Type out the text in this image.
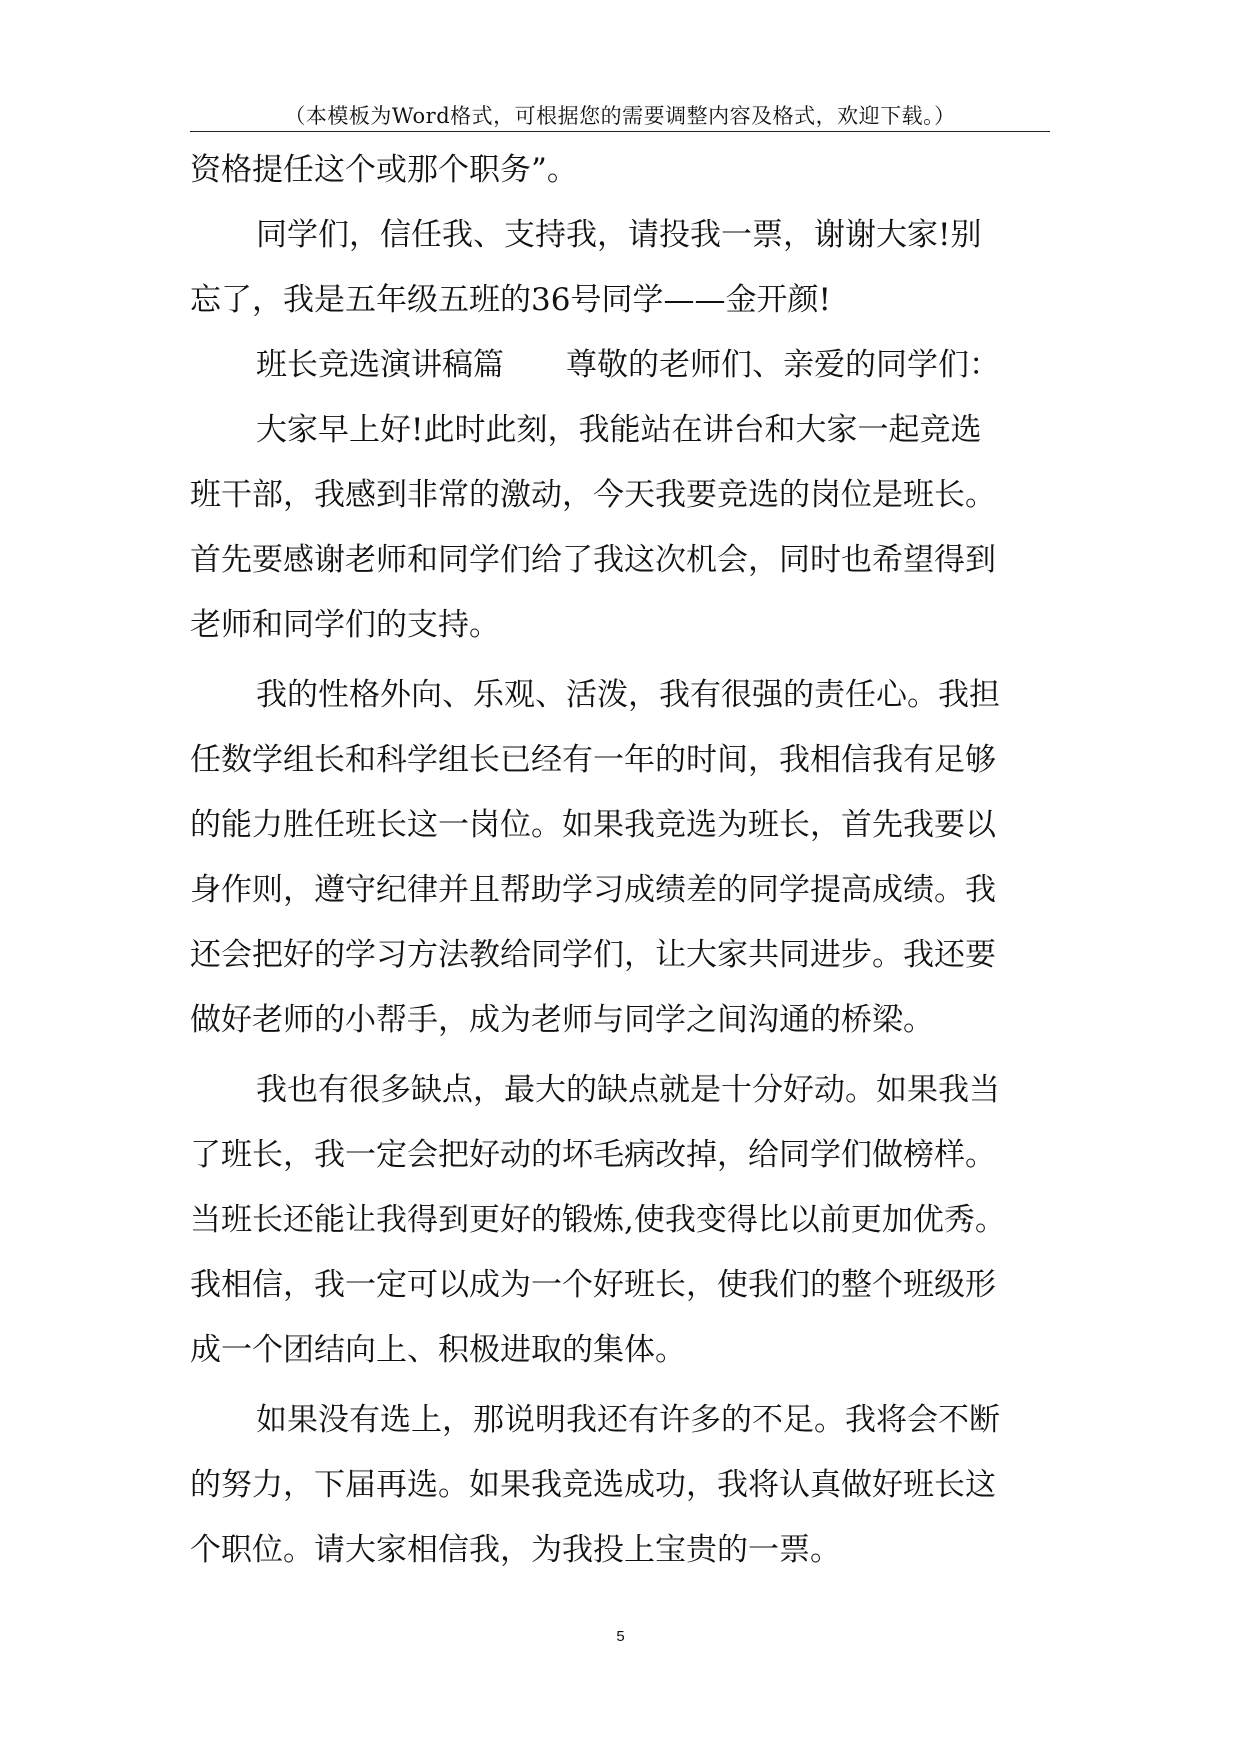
（本模板为Word格式，可根据您的需要调整内容及格式，欢迎下载。）
资格提任这个或那个职务”。
同学们，信任我、支持我，请投我一票，谢谢大家!别
忘了，我是五年级五班的36号同学——金开颜!
班长竞选演讲稿篇　　尊敬的老师们、亲爱的同学们：
大家早上好!此时此刻，我能站在讲台和大家一起竞选
班干部，我感到非常的激动，今天我要竞选的岗位是班长。
首先要感谢老师和同学们给了我这次机会，同时也希望得到
老师和同学们的支持。
我的性格外向、乐观、活泼，我有很强的责任心。我担
任数学组长和科学组长已经有一年的时间，我相信我有足够
的能力胜任班长这一岗位。如果我竞选为班长，首先我要以
身作则，遵守纪律并且帮助学习成绩差的同学提高成绩。我
还会把好的学习方法教给同学们，让大家共同进步。我还要
做好老师的小帮手，成为老师与同学之间沟通的桥梁。
我也有很多缺点，最大的缺点就是十分好动。如果我当
了班长，我一定会把好动的坏毛病改掉，给同学们做榜样。
当班长还能让我得到更好的锻炼,使我变得比以前更加优秀。
我相信，我一定可以成为一个好班长，使我们的整个班级形
成一个团结向上、积极进取的集体。
如果没有选上，那说明我还有许多的不足。我将会不断
的努力，下届再选。如果我竞选成功，我将认真做好班长这
个职位。请大家相信我，为我投上宝贵的一票。
5
